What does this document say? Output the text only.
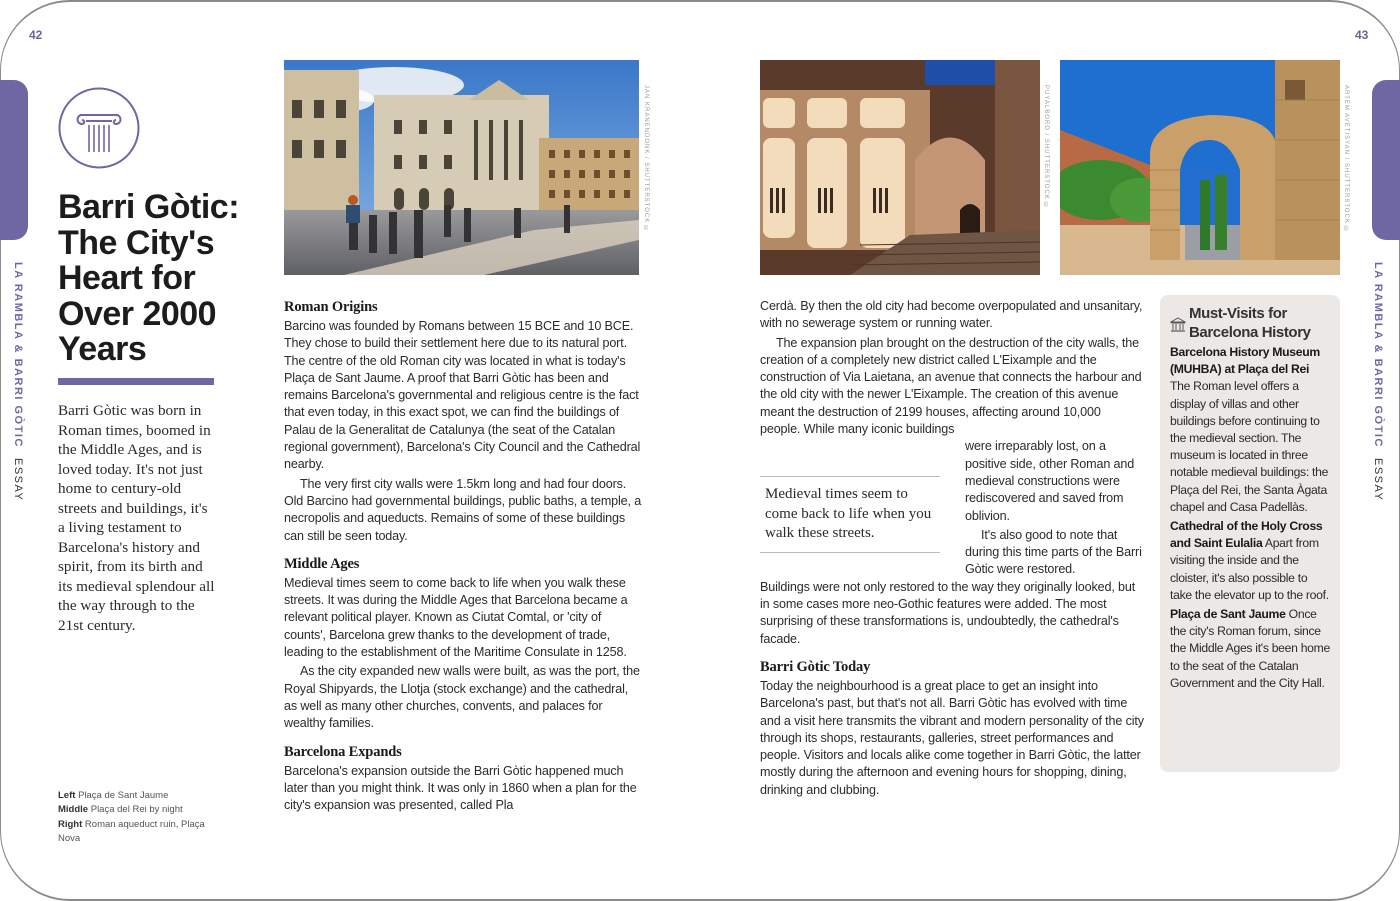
42
LA RAMBLA & BARRI GÒTIC ESSAY
Barri Gòtic: The City's Heart for Over 2000 Years
Barri Gòtic was born in Roman times, boomed in the Middle Ages, and is loved today. It's not just home to century-old streets and buildings, it's a living testament to Barcelona's history and spirit, from its birth and its medieval splendour all the way through to the 21st century.
Left Plaça de Sant Jaume
Middle Plaça del Rei by night
Right Roman aqueduct ruin, Plaça Nova
JAN KRANENDONK / SHUTTERSTOCK ©
Roman Origins

Barcino was founded by Romans between 15 BCE and 10 BCE. They chose to build their settlement here due to its natural port. The centre of the old Roman city was located in what is today's Plaça de Sant Jaume. A proof that Barri Gòtic has been and remains Barcelona's governmental and religious centre is the fact that even today, in this exact spot, we can find the buildings of Palau de la Generalitat de Catalunya (the seat of the Catalan regional government), Barcelona's City Council and the Cathedral nearby.

The very first city walls were 1.5km long and had four doors. Old Barcino had governmental buildings, public baths, a temple, a necropolis and aqueducts. Remains of some of these buildings can still be seen today.

Middle Ages

Medieval times seem to come back to life when you walk these streets. It was during the Middle Ages that Barcelona became a relevant political player. Known as Ciutat Comtal, or 'city of counts', Barcelona grew thanks to the development of trade, leading to the establishment of the Maritime Consulate in 1258.

As the city expanded new walls were built, as was the port, the Royal Shipyards, the Llotja (stock exchange) and the cathedral, as well as many other churches, convents, and palaces for wealthy families.

Barcelona Expands

Barcelona's expansion outside the Barri Gòtic happened much later than you might think. It was only in 1860 when a plan for the city's expansion was presented, called Pla

43
LA RAMBLA & BARRI GÒTIC ESSAY
PUYALBORO / SHUTTERSTOCK ©	ARTEM AVETISYAN / SHUTTERSTOCK ©

Cerdà. By then the old city had become overpopulated and unsanitary, with no sewerage system or running water.

The expansion plan brought on the destruction of the city walls, the creation of a completely new district called L'Eixample and the construction of Via Laietana, an avenue that connects the harbour and the old city with the newer L'Eixample. The creation of this avenue meant the destruction of 2199 houses, affecting around 10,000 people. While many iconic buildings

were irreparably lost, on a positive side, other Roman and medieval constructions were rediscovered and saved from oblivion.

It's also good to note that during this time parts of the Barri Gòtic were restored.

Buildings were not only restored to the way they originally looked, but in some cases more neo-Gothic features were added. The most surprising of these transformations is, undoubtedly, the cathedral's facade.

Barri Gòtic Today

Today the neighbourhood is a great place to get an insight into Barcelona's past, but that's not all. Barri Gòtic has evolved with time and a visit here transmits the vibrant and modern personality of the city through its shops, restaurants, galleries, street performances and people. Visitors and locals alike come together in Barri Gòtic, the latter mostly during the afternoon and evening hours for shopping, dining, drinking and clubbing.

Medieval times seem to come back to life when you walk these streets.
Must-Visits for Barcelona History
Barcelona History Museum (MUHBA) at Plaça del Rei The Roman level offers a display of villas and other buildings before continuing to the medieval section. The museum is located in three notable medieval buildings: the Plaça del Rei, the Santa Àgata chapel and Casa Padellàs.
Cathedral of the Holy Cross and Saint Eulalia Apart from visiting the inside and the cloister, it's also possible to take the elevator up to the roof.
Plaça de Sant Jaume Once the city's Roman forum, since the Middle Ages it's been home to the seat of the Catalan Government and the City Hall.
